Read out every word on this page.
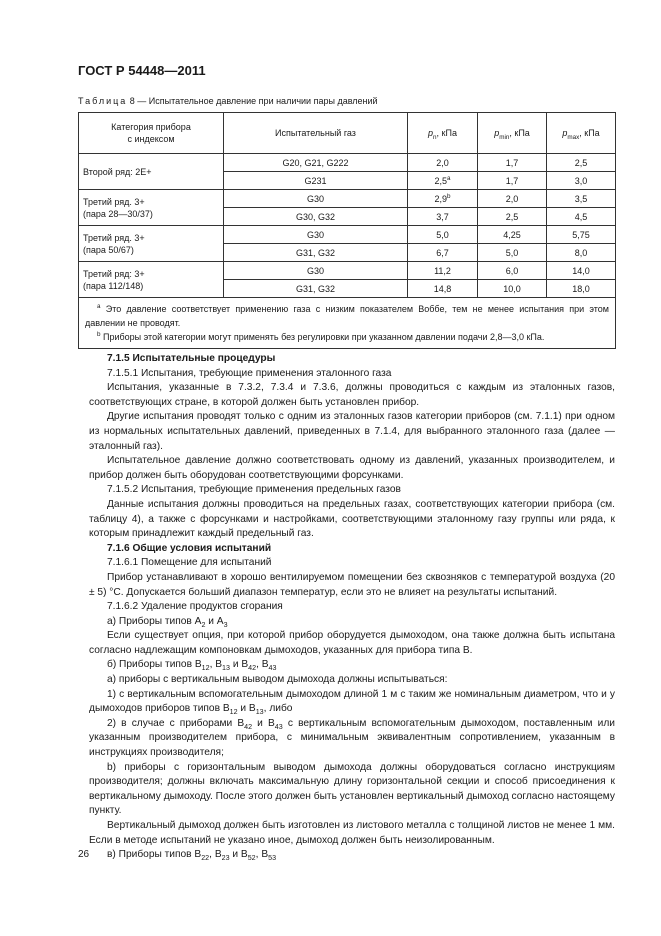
ГОСТ Р 54448—2011
Таблица 8 — Испытательное давление при наличии пары давлений
Категория прибора
с индексом	Испытательный газ	$p_n$, кПа	$p_{min}$, кПа	$p_{max}$, кПа
Второй ряд: 2Е+	G20, G21, G222	2,0	1,7	2,5
	G231	$2,5^а$	1,7	3,0
Третий ряд. 3+
(пара 28—30/37)	G30	2,9$^b$	2,0	3,5
	G30, G32	3,7	2,5	4,5
Третий ряд. 3+
(пара 50/67)	G30	5,0	4,25	5,75
	G31, G32	6,7	5,0	8,0
Третий ряд: 3+
(пара 112/148)	G30	11,2	6,0	14,0
	G31, G32	14,8	10,0	18,0

$^а$ Это давление соответствует применению газа с низким показателем Воббе, тем не менее испытания при этом давлении не проводят.
$^b$ Приборы этой категории могут применять без регулировки при указанном давлении подачи 2,8—3,0 кПа.				

7.1.5 Испытательные процедуры

7.1.5.1 Испытания, требующие применения эталонного газа

Испытания, указанные в 7.3.2, 7.3.4 и 7.3.6, должны проводиться с каждым из эталонных газов, соответствующих стране, в которой должен быть установлен прибор.

Другие испытания проводят только с одним из эталонных газов категории приборов (см. 7.1.1) при одном из нормальных испытательных давлений, приведенных в 7.1.4, для выбранного эталонного газа (далее — эталонный газ).

Испытательное давление должно соответствовать одному из давлений, указанных производителем, и прибор должен быть оборудован соответствующими форсунками.

7.1.5.2 Испытания, требующие применения предельных газов

Данные испытания должны проводиться на предельных газах, соответствующих категории прибора (см. таблицу 4), а также с форсунками и настройками, соответствующими эталонному газу группы или ряда, к которым принадлежит каждый предельный газ.

7.1.6 Общие условия испытаний

7.1.6.1 Помещение для испытаний

Прибор устанавливают в хорошо вентилируемом помещении без сквозняков с температурой воздуха (20 ± 5) °С. Допускается больший диапазон температур, если это не влияет на результаты испытаний.

7.1.6.2 Удаление продуктов сгорания

а) Приборы типов $А_2$ и $А_3$

Если существует опция, при которой прибор оборудуется дымоходом, она также должна быть испытана согласно надлежащим компоновкам дымоходов, указанных для прибора типа В.

б) Приборы типов $В_{12}$, $В_{13}$ и $В_{42}$, $В_{43}$

а) приборы с вертикальным выводом дымохода должны испытываться:

1) с вертикальным вспомогательным дымоходом длиной 1 м с таким же номинальным диаметром, что и у дымоходов приборов типов $В_{12}$ и $В_{13}$, либо

2) в случае с приборами $В_{42}$ и $В_{43}$ с вертикальным вспомогательным дымоходом, поставленным или указанным производителем прибора, с минимальным эквивалентным сопротивлением, указанным в инструкциях производителя;

b) приборы с горизонтальным выводом дымохода должны оборудоваться согласно инструкциям производителя; должны включать максимальную длину горизонтальной секции и способ присоединения к вертикальному дымоходу. После этого должен быть установлен вертикальный дымоход согласно настоящему пункту.

Вертикальный дымоход должен быть изготовлен из листового металла с толщиной листов не менее 1 мм. Если в методе испытаний не указано иное, дымоход должен быть неизолированным.

в) Приборы типов $В_{22}$, $В_{23}$ и $В_{52}$, $В_{53}$

26
